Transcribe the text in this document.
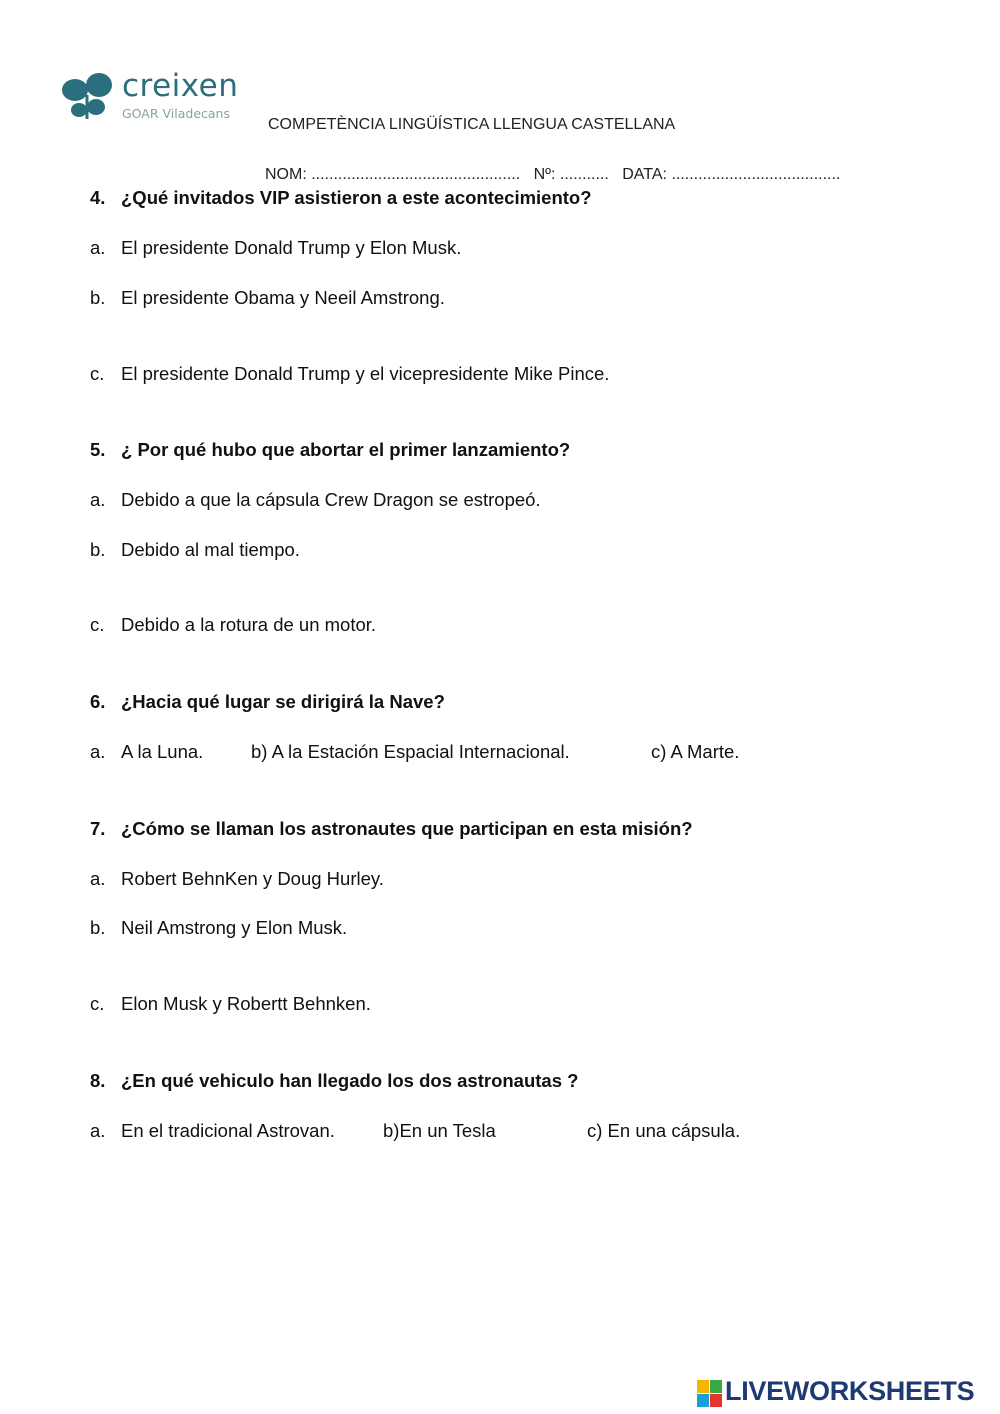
creixen
GOAR Viladecans
COMPETÈNCIA LINGÜÍSTICA LLENGUA CASTELLANA
NOM: ............................................... Nº: ........... DATA: ......................................
4. ¿Qué invitados VIP asistieron a este acontecimiento?
a. El presidente Donald Trump y Elon Musk.
b. El presidente Obama y Neeil Amstrong.
c. El presidente Donald Trump y el vicepresidente Mike Pince.
5. ¿ Por qué hubo que abortar el primer lanzamiento?
a. Debido a que la cápsula Crew Dragon se estropeó.
b. Debido al mal tiempo.
c. Debido a la rotura de un motor.
6. ¿Hacia qué lugar se dirigirá la Nave?
a. A la Luna.	b) A la Estación Espacial Internacional.	c) A Marte.
7. ¿Cómo se llaman los astronautes que participan en esta misión?
a. Robert BehnKen y Doug Hurley.
b. Neil Amstrong y Elon Musk.
c. Elon Musk y Robertt Behnken.
8. ¿En qué vehiculo han llegado los dos astronautas ?
a. En el tradicional Astrovan.	b)En un Tesla	c) En una cápsula.
LIVEWORKSHEETS
